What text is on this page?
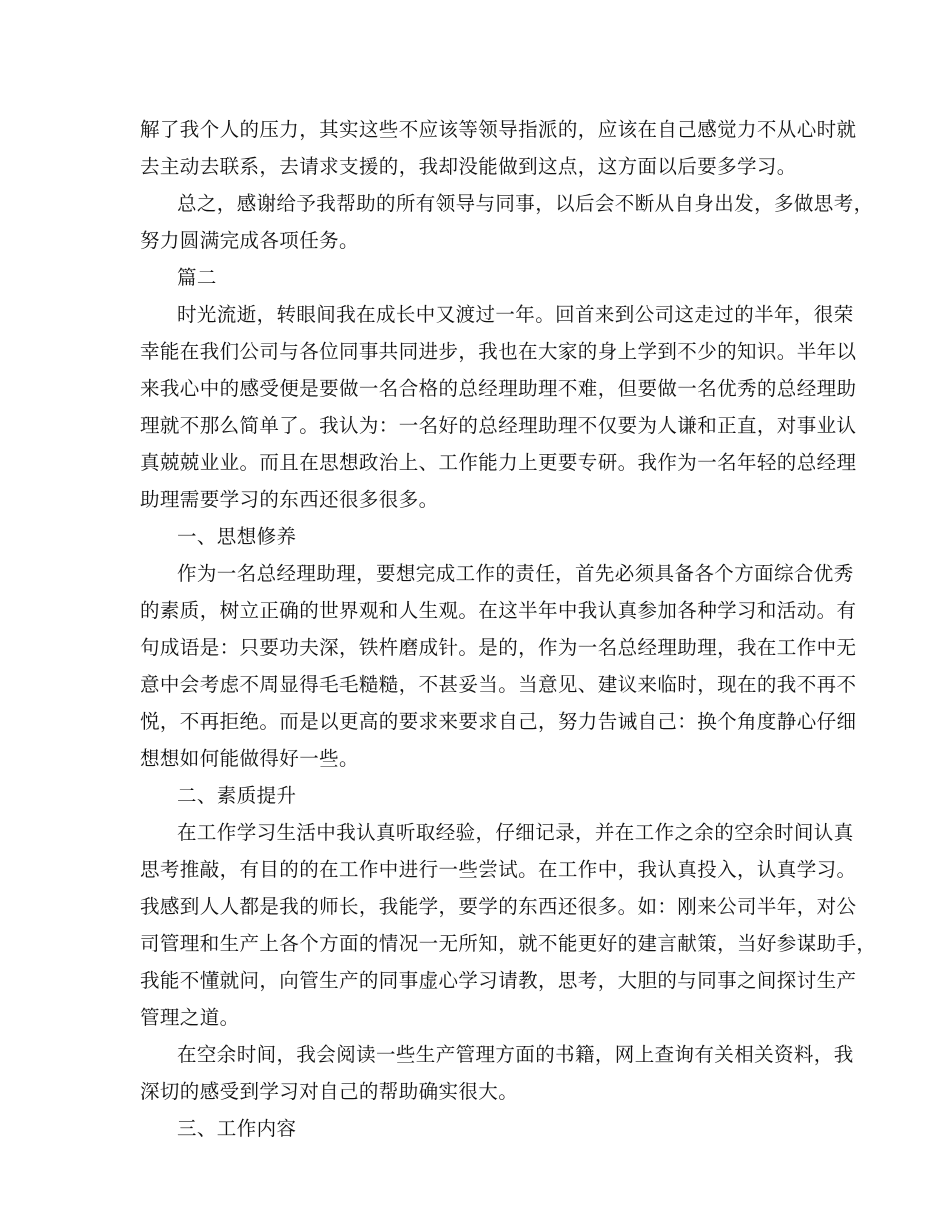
解了我个人的压力，其实这些不应该等领导指派的，应该在自己感觉力不从心时就
去主动去联系，去请求支援的，我却没能做到这点，这方面以后要多学习。
总之，感谢给予我帮助的所有领导与同事，以后会不断从自身出发，多做思考，
努力圆满完成各项任务。
篇二
时光流逝，转眼间我在成长中又渡过一年。回首来到公司这走过的半年，很荣
幸能在我们公司与各位同事共同进步，我也在大家的身上学到不少的知识。半年以
来我心中的感受便是要做一名合格的总经理助理不难，但要做一名优秀的总经理助
理就不那么简单了。我认为：一名好的总经理助理不仅要为人谦和正直，对事业认
真兢兢业业。而且在思想政治上、工作能力上更要专研。我作为一名年轻的总经理
助理需要学习的东西还很多很多。
一、思想修养
作为一名总经理助理，要想完成工作的责任，首先必须具备各个方面综合优秀
的素质，树立正确的世界观和人生观。在这半年中我认真参加各种学习和活动。有
句成语是：只要功夫深，铁杵磨成针。是的，作为一名总经理助理，我在工作中无
意中会考虑不周显得毛毛糙糙，不甚妥当。当意见、建议来临时，现在的我不再不
悦，不再拒绝。而是以更高的要求来要求自己，努力告诫自己：换个角度静心仔细
想想如何能做得好一些。
二、素质提升
在工作学习生活中我认真听取经验，仔细记录，并在工作之余的空余时间认真
思考推敲，有目的的在工作中进行一些尝试。在工作中，我认真投入，认真学习。
我感到人人都是我的师长，我能学，要学的东西还很多。如：刚来公司半年，对公
司管理和生产上各个方面的情况一无所知，就不能更好的建言献策，当好参谋助手，
我能不懂就问，向管生产的同事虚心学习请教，思考，大胆的与同事之间探讨生产
管理之道。
在空余时间，我会阅读一些生产管理方面的书籍，网上查询有关相关资料，我
深切的感受到学习对自己的帮助确实很大。
三、工作内容
